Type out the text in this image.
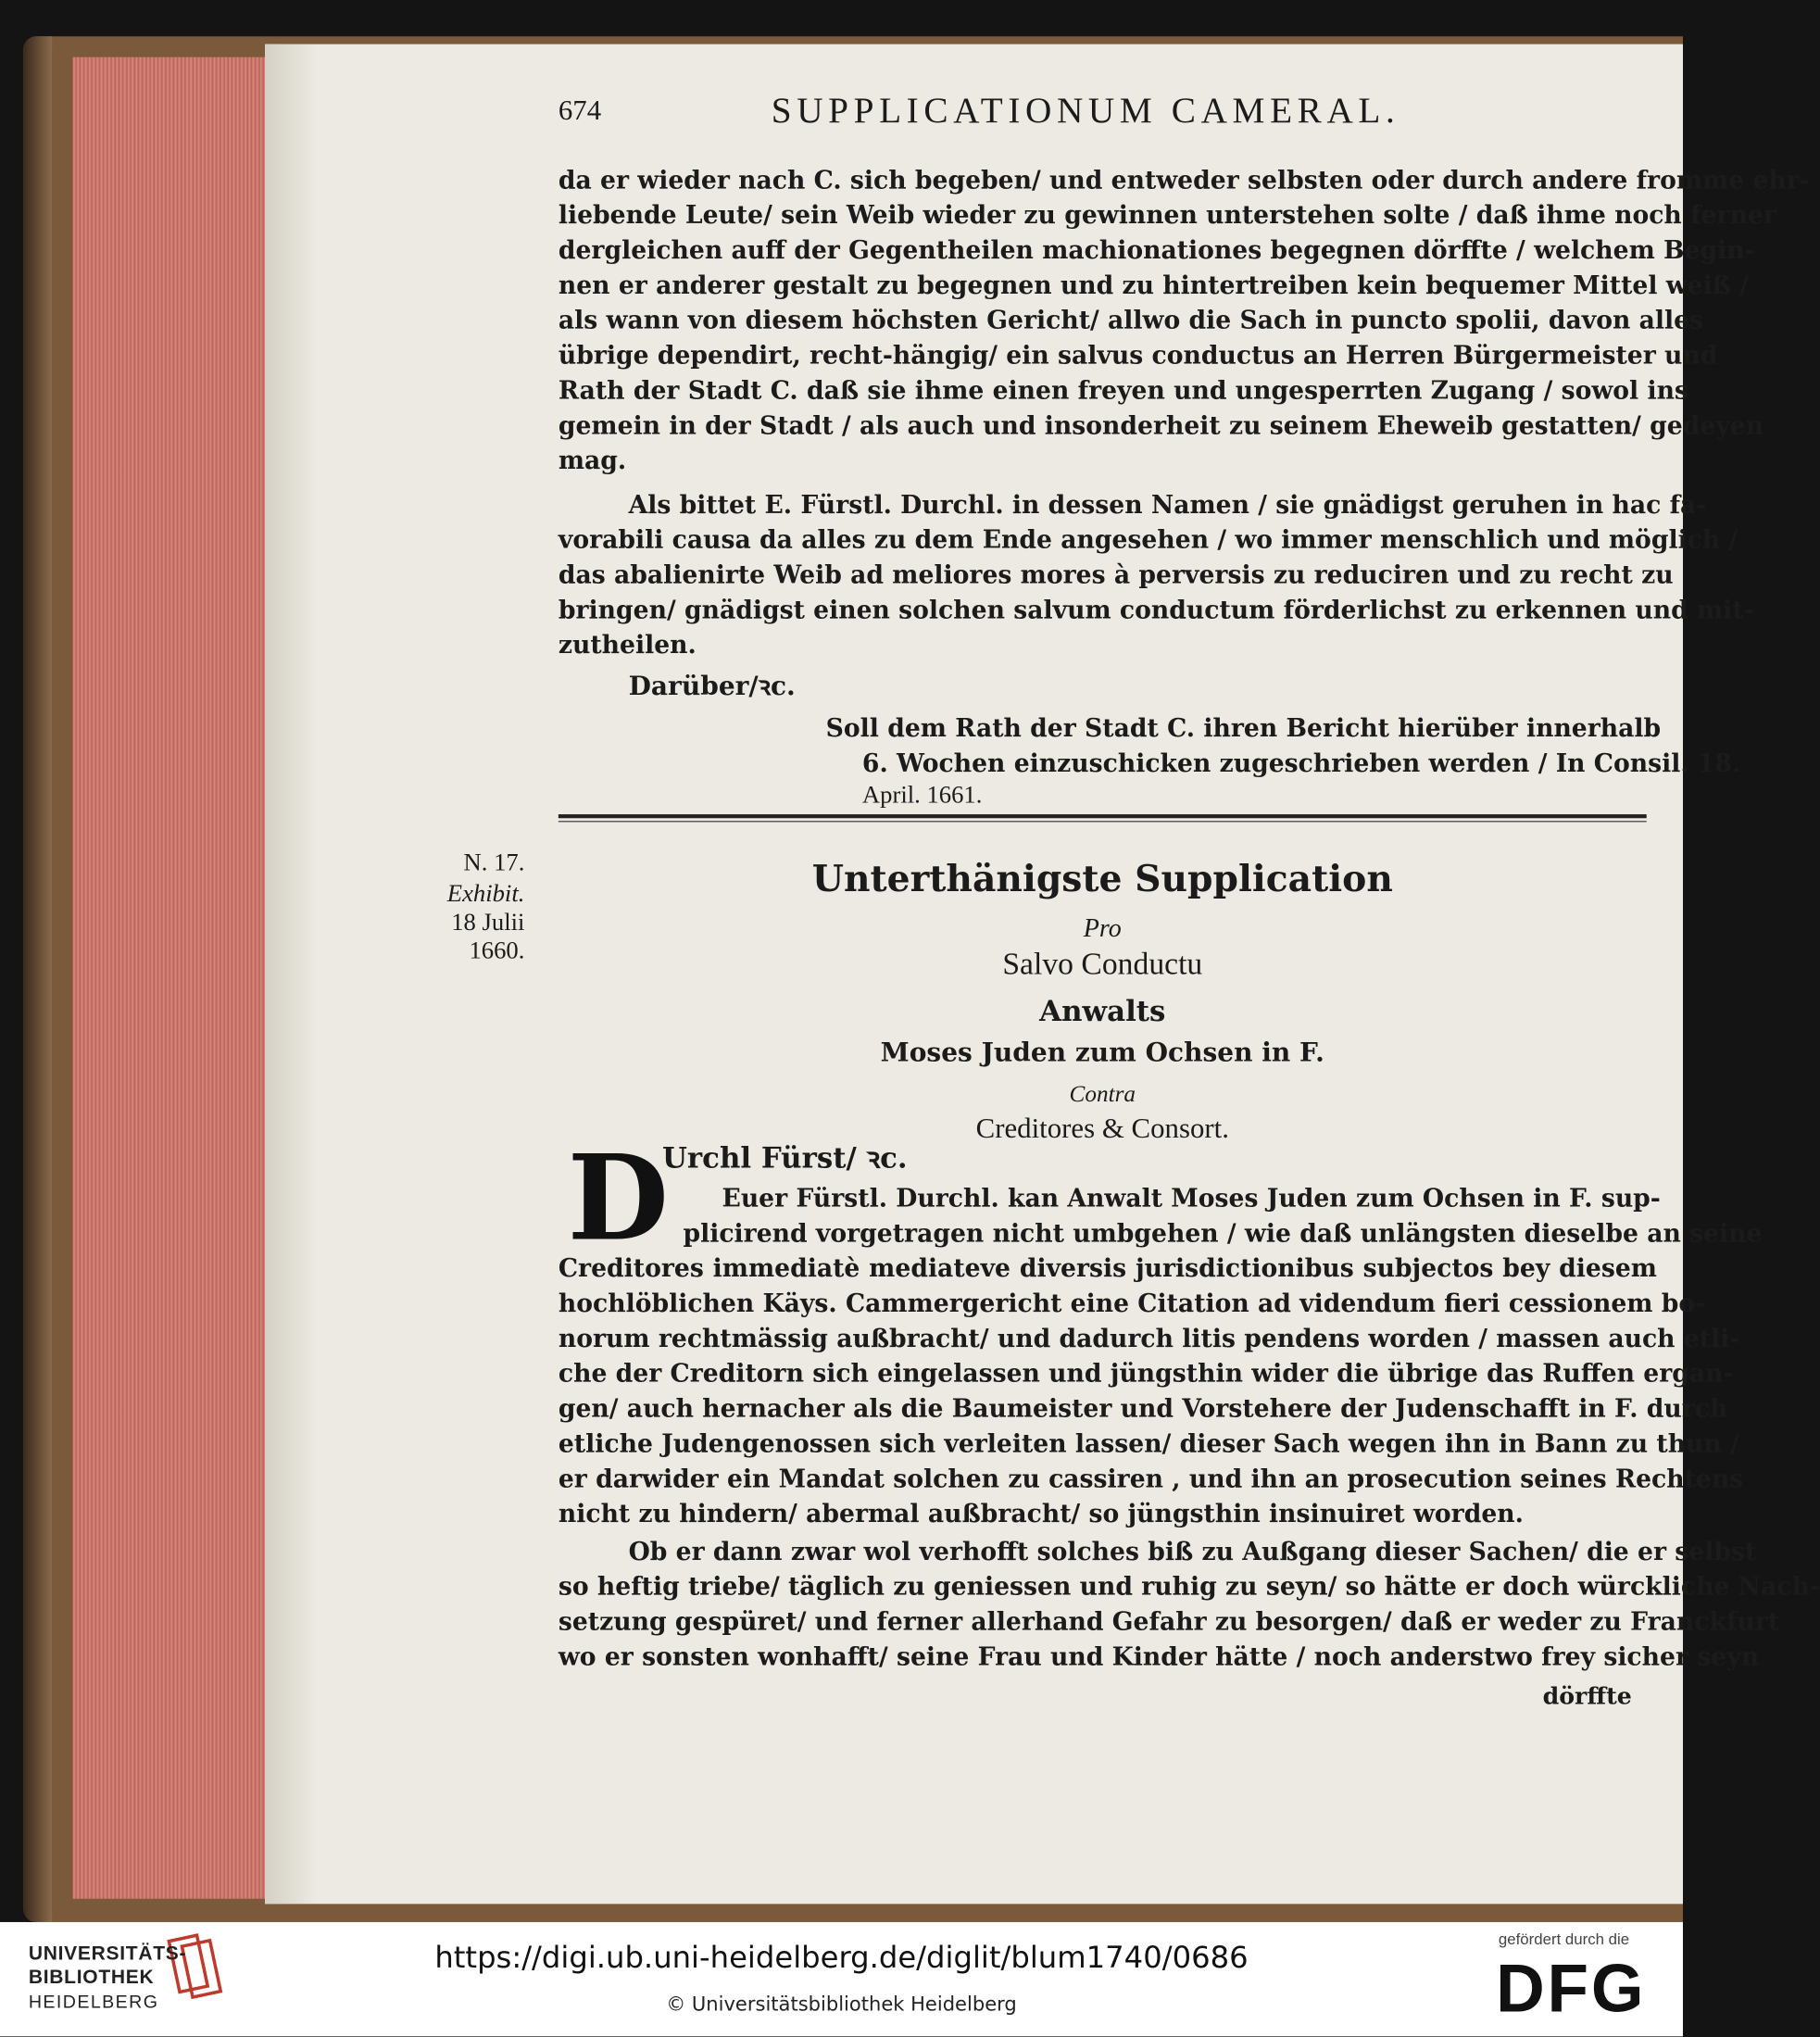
674	SUPPLICATIONUM CAMERAL.
da er wieder nach C. sich begeben/ und entweder selbsten oder durch andere fromme ehr-
liebende Leute/ sein Weib wieder zu gewinnen unterstehen solte / daß ihme noch ferner
dergleichen auff der Gegentheilen machionationes begegnen dörffte / welchem Begin-
nen er anderer gestalt zu begegnen und zu hintertreiben kein bequemer Mittel weiß /
als wann von diesem höchsten Gericht/ allwo die Sach in puncto spolii, davon alles
übrige dependirt, recht-hängig/ ein salvus conductus an Herren Bürgermeister und
Rath der Stadt C. daß sie ihme einen freyen und ungesperrten Zugang / sowol ins
gemein in der Stadt / als auch und insonderheit zu seinem Eheweib gestatten/ gedeyen
mag.
Als bittet E. Fürstl. Durchl. in dessen Namen / sie gnädigst geruhen in hac fa-
vorabili causa da alles zu dem Ende angesehen / wo immer menschlich und möglich /
das abalienirte Weib ad meliores mores à perversis zu reduciren und zu recht zu
bringen/ gnädigst einen solchen salvum conductum förderlichst zu erkennen und mit-
zutheilen.
Darüber/ꝛc.
Soll dem Rath der Stadt C. ihren Bericht hierüber innerhalb
6. Wochen einzuschicken zugeschrieben werden / In Consil. 18.
April. 1661.
N. 17.
Exhibit.
18 Julii
1660.
Unterthänigste Supplication
Pro
Salvo Conductu
Anwalts
Moses Juden zum Ochsen in F.
Contra
Creditores & Consort.
D
Urchl Fürst/ ꝛc.
Euer Fürstl. Durchl. kan Anwalt Moses Juden zum Ochsen in F. sup-
plicirend vorgetragen nicht umbgehen / wie daß unlängsten dieselbe an seine
Creditores immediatè mediateve diversis jurisdictionibus subjectos bey diesem
hochlöblichen Käys. Cammergericht eine Citation ad videndum fieri cessionem bo-
norum rechtmässig außbracht/ und dadurch litis pendens worden / massen auch etli-
che der Creditorn sich eingelassen und jüngsthin wider die übrige das Ruffen ergan-
gen/ auch hernacher als die Baumeister und Vorstehere der Judenschafft in F. durch
etliche Judengenossen sich verleiten lassen/ dieser Sach wegen ihn in Bann zu thun /
er darwider ein Mandat solchen zu cassiren , und ihn an prosecution seines Rechtens
nicht zu hindern/ abermal außbracht/ so jüngsthin insinuiret worden.
Ob er dann zwar wol verhofft solches biß zu Außgang dieser Sachen/ die er selbst
so heftig triebe/ täglich zu geniessen und ruhig zu seyn/ so hätte er doch würckliche Nach-
setzung gespüret/ und ferner allerhand Gefahr zu besorgen/ daß er weder zu Franckfurt
wo er sonsten wonhafft/ seine Frau und Kinder hätte / noch anderstwo frey sicher seyn
dörffte
UNIVERSITÄTS-
BIBLIOTHEK
HEIDELBERG
https://digi.ub.uni-heidelberg.de/diglit/blum1740/0686
© Universitätsbibliothek Heidelberg
gefördert durch die
DFG
